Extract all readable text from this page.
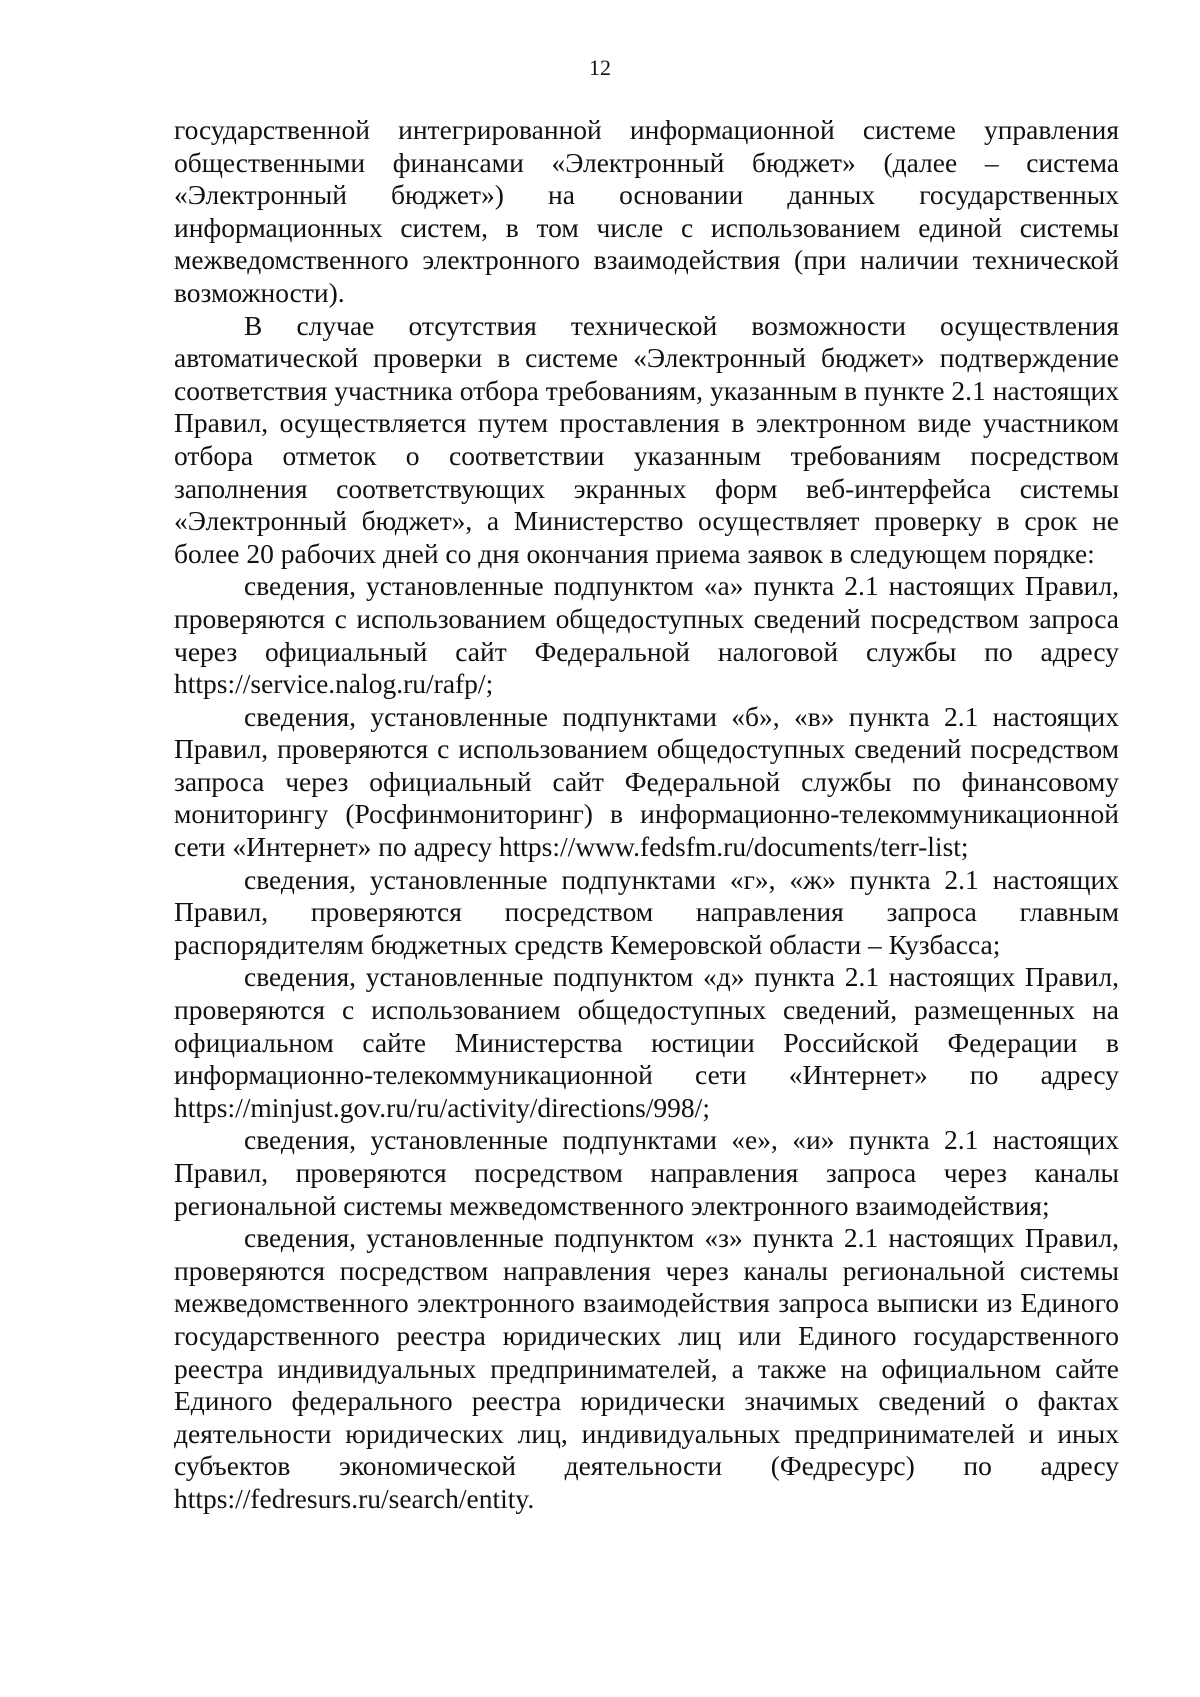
12

государственной интегрированной информационной системе управления общественными финансами «Электронный бюджет» (далее – система «Электронный бюджет») на основании данных государственных информационных систем, в том числе с использованием единой системы межведомственного электронного взаимодействия (при наличии технической возможности).

В случае отсутствия технической возможности осуществления автоматической проверки в системе «Электронный бюджет» подтверждение соответствия участника отбора требованиям, указанным в пункте 2.1 настоящих Правил, осуществляется путем проставления в электронном виде участником отбора отметок о соответствии указанным требованиям посредством заполнения соответствующих экранных форм веб-интерфейса системы «Электронный бюджет», а Министерство осуществляет проверку в срок не более 20 рабочих дней со дня окончания приема заявок в следующем порядке:

сведения, установленные подпунктом «а» пункта 2.1 настоящих Правил, проверяются с использованием общедоступных сведений посредством запроса через официальный сайт Федеральной налоговой службы по адресу https://service.nalog.ru/rafp/;

сведения, установленные подпунктами «б», «в» пункта 2.1 настоящих Правил, проверяются с использованием общедоступных сведений посредством запроса через официальный сайт Федеральной службы по финансовому мониторингу (Росфинмониторинг) в информационно-телекоммуникационной сети «Интернет» по адресу https://www.fedsfm.ru/documents/terr-list;

сведения, установленные подпунктами «г», «ж» пункта 2.1 настоящих Правил, проверяются посредством направления запроса главным распорядителям бюджетных средств Кемеровской области – Кузбасса;

сведения, установленные подпунктом «д» пункта 2.1 настоящих Правил, проверяются с использованием общедоступных сведений, размещенных на официальном сайте Министерства юстиции Российской Федерации в информационно-телекоммуникационной сети «Интернет» по адресу https://minjust.gov.ru/ru/activity/directions/998/;

сведения, установленные подпунктами «е», «и» пункта 2.1 настоящих Правил, проверяются посредством направления запроса через каналы региональной системы межведомственного электронного взаимодействия;

сведения, установленные подпунктом «з» пункта 2.1 настоящих Правил, проверяются посредством направления через каналы региональной системы межведомственного электронного взаимодействия запроса выписки из Единого государственного реестра юридических лиц или Единого государственного реестра индивидуальных предпринимателей, а также на официальном сайте Единого федерального реестра юридически значимых сведений о фактах деятельности юридических лиц, индивидуальных предпринимателей и иных субъектов экономической деятельности (Федресурс) по адресу https://fedresurs.ru/search/entity.
